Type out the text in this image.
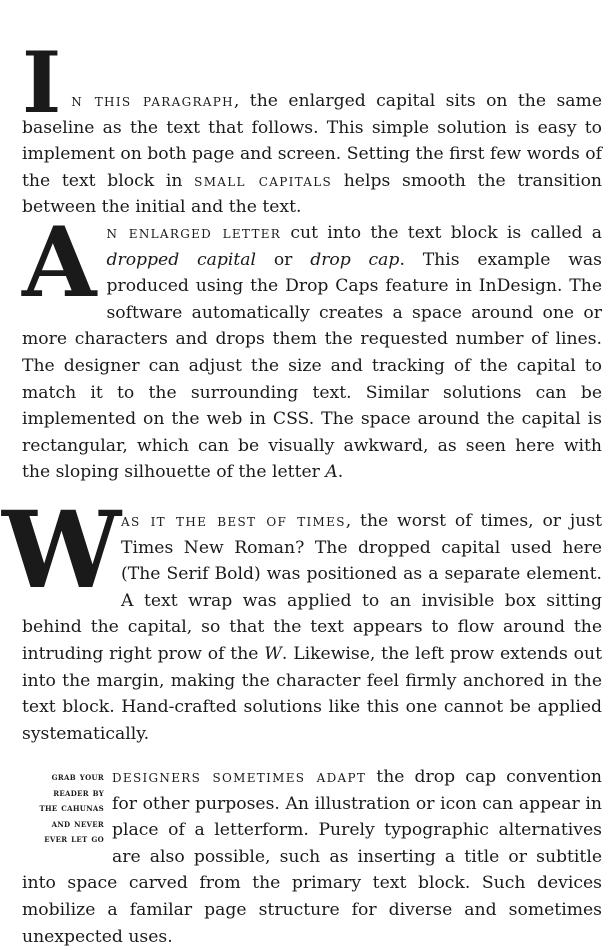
In this paragraph, the enlarged capital sits on the same baseline as the text that follows. This simple solution is easy to implement on both page and screen. Setting the first few words of the text block in small capitals helps smooth the transition between the initial and the text.

An enlarged letter cut into the text block is called a dropped capital or drop cap. This example was produced using the Drop Caps feature in InDesign. The software automatically creates a space around one or more characters and drops them the requested number of lines. The designer can adjust the size and tracking of the capital to match it to the surrounding text. Similar solutions can be implemented on the web in CSS. The space around the capital is rectangular, which can be visually awkward, as seen here with the sloping silhouette of the letter A.

Was it the best of times, the worst of times, or just Times New Roman? The dropped capital used here (The Serif Bold) was positioned as a separate element. A text wrap was applied to an invisible box sitting behind the capital, so that the text appears to flow around the intruding right prow of the W. Likewise, the left prow extends out into the margin, making the character feel firmly anchored in the text block. Hand-crafted solutions like this one cannot be applied systematically.

grab your
reader by
the cahunas
and never
ever let go
designers sometimes adapt the drop cap convention for other purposes. An illustration or icon can appear in place of a letterform. Purely typographic alternatives are also possible, such as inserting a title or subtitle into space carved from the primary text block. Such devices mobilize a familar page structure for diverse and sometimes unexpected uses.
